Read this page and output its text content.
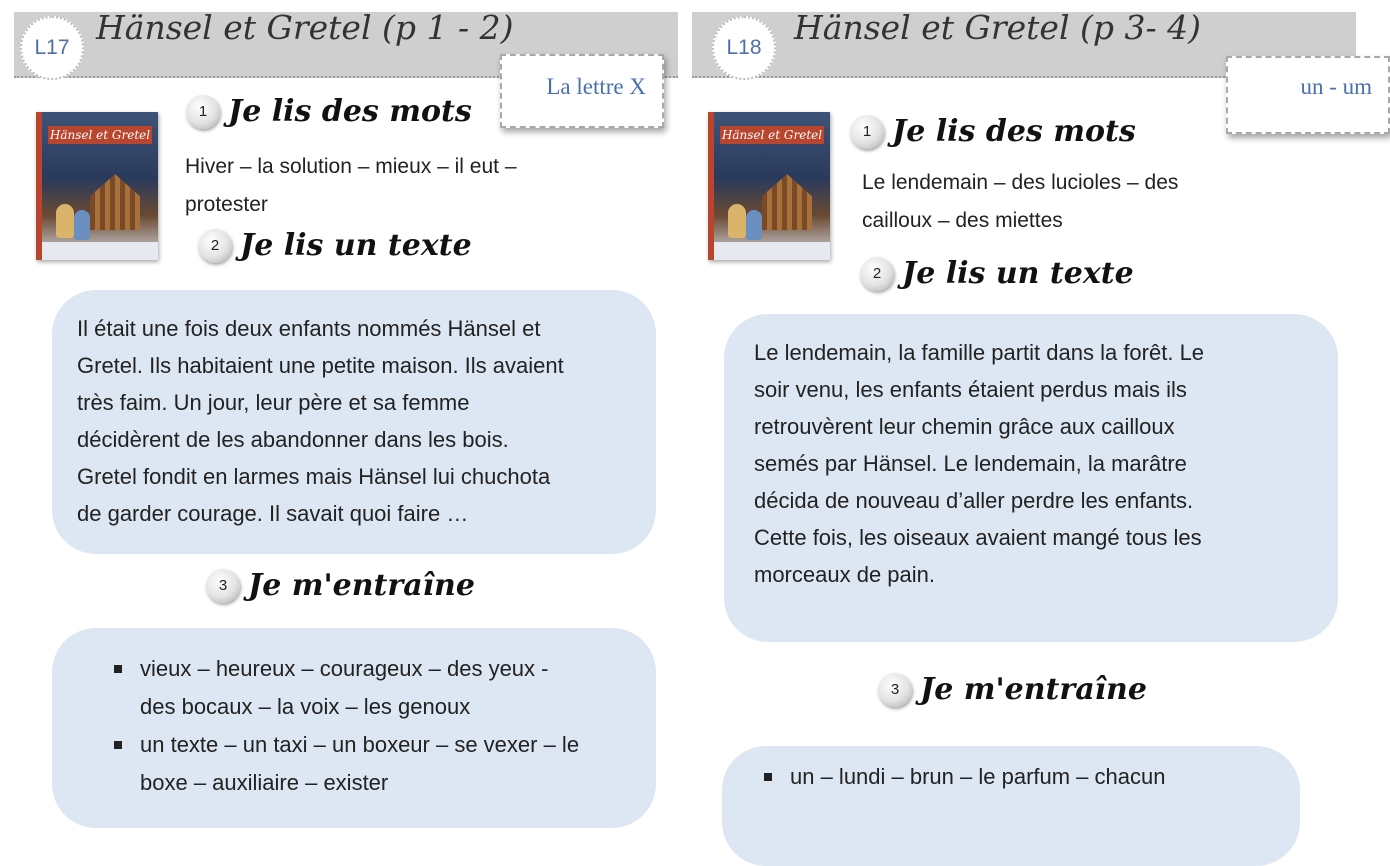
Hänsel et Gretel (p 1 - 2)
L17
La lettre X
Hänsel et Gretel
1 Je lis des mots
Hiver – la solution – mieux – il eut –
protester
2 Je lis un texte

Il était une fois deux enfants nommés Hänsel et

Gretel. Ils habitaient une petite maison. Ils avaient

très faim. Un jour, leur père et sa femme

décidèrent de les abandonner dans les bois.

Gretel fondit en larmes mais Hänsel lui chuchota

de garder courage. Il savait quoi faire …

3 Je m'entraîne
vieux – heureux – courageux – des yeux -
des bocaux – la voix – les genoux
un texte – un taxi – un boxeur – se vexer – le
boxe – auxiliaire – exister
Hänsel et Gretel (p 3- 4)
L18
un - um
Hänsel et Gretel	1 Je lis des mots
Le lendemain – des lucioles – des
cailloux – des miettes
2 Je lis un texte

Le lendemain, la famille partit dans la forêt. Le

soir venu, les enfants étaient perdus mais ils

retrouvèrent leur chemin grâce aux cailloux

semés par Hänsel. Le lendemain, la marâtre

décida de nouveau d’aller perdre les enfants.

Cette fois, les oiseaux avaient mangé tous les

morceaux de pain.

3 Je m'entraîne
un – lundi – brun – le parfum – chacun
